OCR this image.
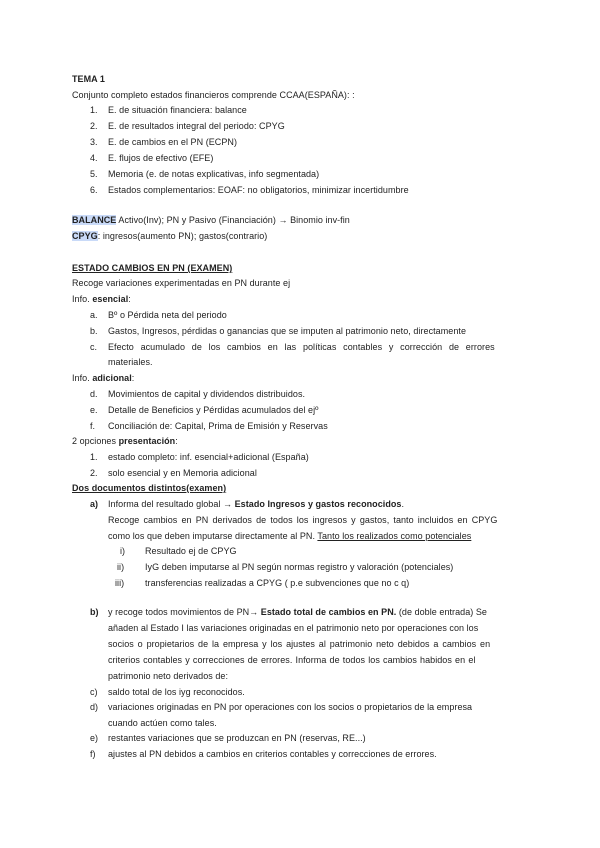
TEMA 1
Conjunto completo estados financieros comprende CCAA(ESPAÑA): :
1. E. de situación financiera: balance
2. E. de resultados integral del periodo: CPYG
3. E. de cambios en el PN (ECPN)
4. E. flujos de efectivo (EFE)
5. Memoria (e. de notas explicativas, info segmentada)
6. Estados complementarios: EOAF: no obligatorios, minimizar incertidumbre
BALANCE Activo(Inv); PN y Pasivo (Financiación) → Binomio inv-fin
CPYG: ingresos(aumento PN); gastos(contrario)
ESTADO CAMBIOS EN PN (EXAMEN)
Recoge variaciones experimentadas en PN durante ej
Info. esencial:
a. Bº o Pérdida neta del periodo
b. Gastos, Ingresos, pérdidas o ganancias que se imputen al patrimonio neto, directamente
c. Efecto acumulado de los cambios en las políticas contables y corrección de errores
materiales.
Info. adicional:
d. Movimientos de capital y dividendos distribuidos.
e. Detalle de Beneficios y Pérdidas acumulados del ejº
f. Conciliación de: Capital, Prima de Emisión y Reservas
2 opciones presentación:
1. estado completo: inf. esencial+adicional (España)
2. solo esencial y en Memoria adicional
Dos documentos distintos(examen)
a) Informa del resultado global → Estado Ingresos y gastos reconocidos.
Recoge cambios en PN derivados de todos los ingresos y gastos, tanto incluidos en CPYG
como los que deben imputarse directamente al PN. Tanto los realizados como potenciales
i) Resultado ej de CPYG
ii) IyG deben imputarse al PN según normas registro y valoración (potenciales)
iii) transferencias realizadas a CPYG ( p.e subvenciones que no c q)
b) y recoge todos movimientos de PN→ Estado total de cambios en PN. (de doble entrada) Se
añaden al Estado I las variaciones originadas en el patrimonio neto por operaciones con los
socios o propietarios de la empresa y los ajustes al patrimonio neto debidos a cambios en
criterios contables y correcciones de errores. Informa de todos los cambios habidos en el
patrimonio neto derivados de:
c) saldo total de los iyg reconocidos.
d) variaciones originadas en PN por operaciones con los socios o propietarios de la empresa
cuando actúen como tales.
e) restantes variaciones que se produzcan en PN (reservas, RE...)
f) ajustes al PN debidos a cambios en criterios contables y correcciones de errores.
